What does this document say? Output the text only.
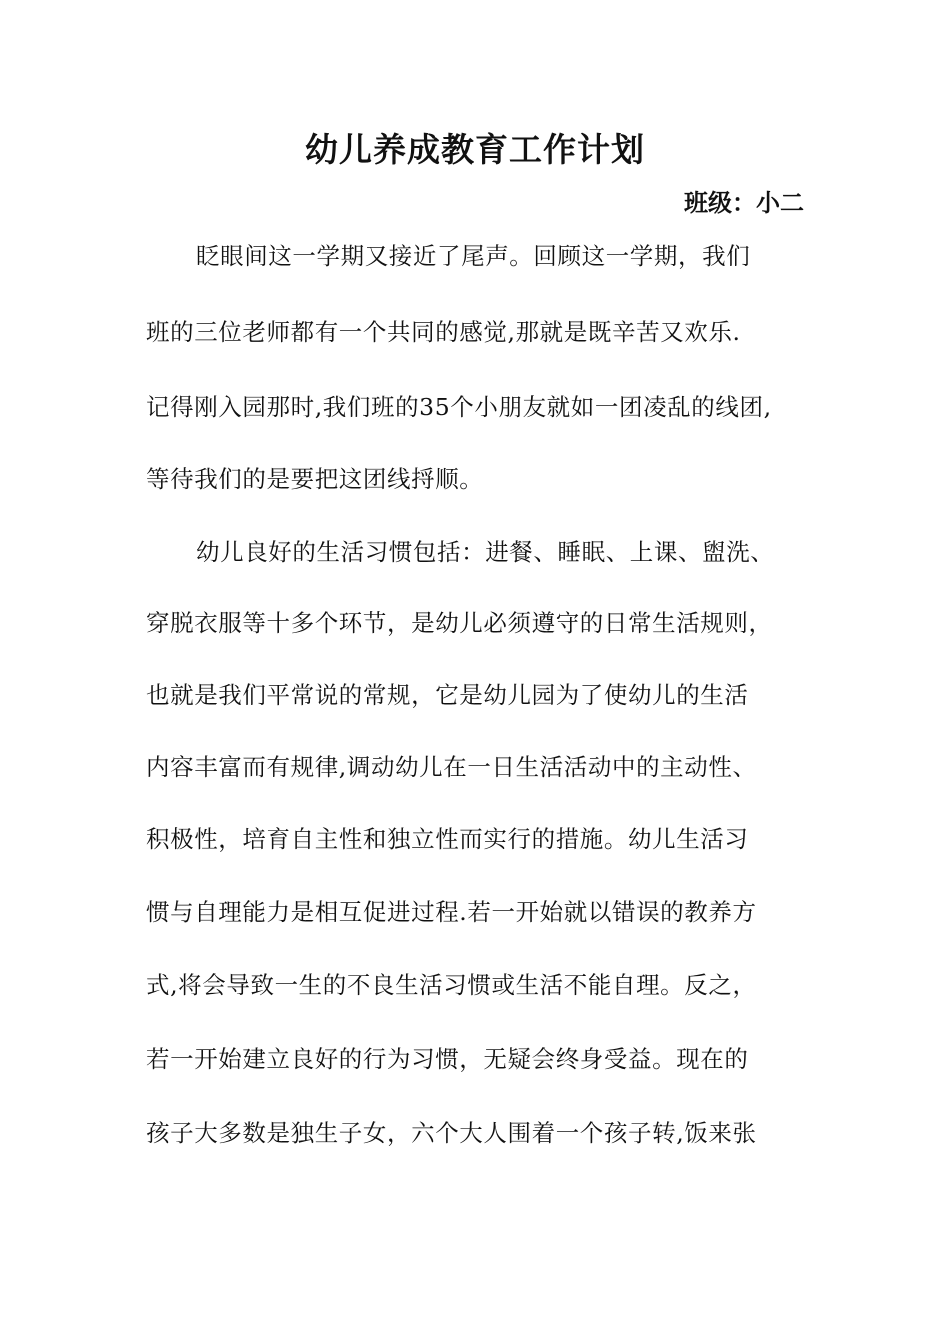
幼儿养成教育工作计划
班级：小二

眨眼间这一学期又接近了尾声。回顾这一学期，我们

班的三位老师都有一个共同的感觉,那就是既辛苦又欢乐.

记得刚入园那时,我们班的35个小朋友就如一团凌乱的线团,

等待我们的是要把这团线捋顺。

幼儿良好的生活习惯包括：进餐、睡眠、上课、盥洗、

穿脱衣服等十多个环节，是幼儿必须遵守的日常生活规则，

也就是我们平常说的常规，它是幼儿园为了使幼儿的生活

内容丰富而有规律,调动幼儿在一日生活活动中的主动性、

积极性，培育自主性和独立性而实行的措施。幼儿生活习

惯与自理能力是相互促进过程.若一开始就以错误的教养方

式,将会导致一生的不良生活习惯或生活不能自理。反之，

若一开始建立良好的行为习惯，无疑会终身受益。现在的

孩子大多数是独生子女，六个大人围着一个孩子转,饭来张
